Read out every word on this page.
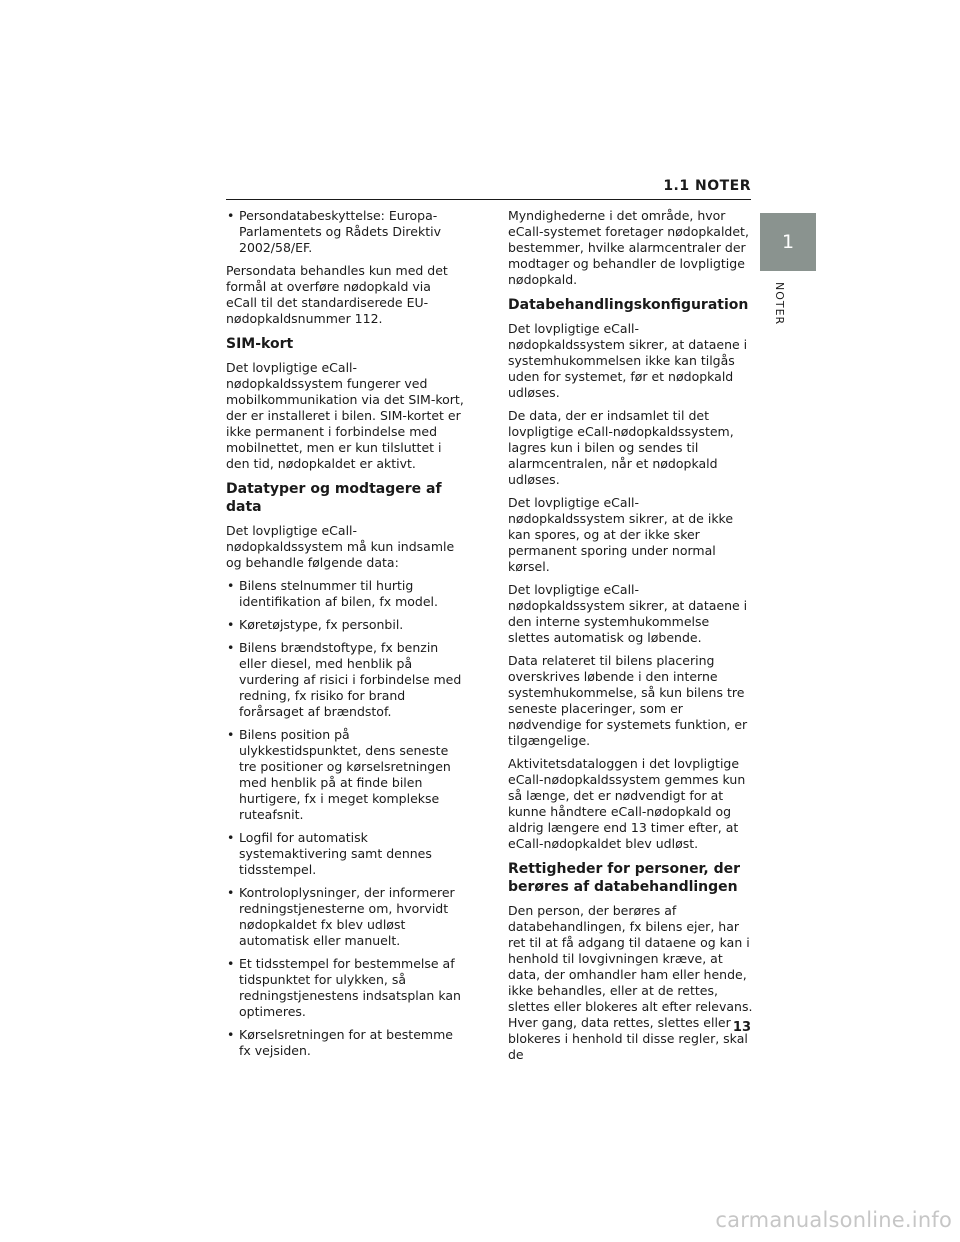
1.1 NOTER
1
NOTER
• Persondatabeskyttelse: Europa-Parlamentets og Rådets Direktiv 2002/58/EF.

Persondata behandles kun med det formål at overføre nødopkald via eCall til det standardiserede EU-nødopkaldsnummer 112.

SIM-kort

Det lovpligtige eCall-nødopkaldssystem fungerer ved mobilkommunikation via det SIM-kort, der er installeret i bilen. SIM-kortet er ikke permanent i forbindelse med mobilnettet, men er kun tilsluttet i den tid, nødopkaldet er aktivt.

Datatyper og modtagere af data

Det lovpligtige eCall-nødopkaldssystem må kun indsamle og behandle følgende data:

• Bilens stelnummer til hurtig identifikation af bilen, fx model.
• Køretøjstype, fx personbil.
• Bilens brændstoftype, fx benzin eller diesel, med henblik på vurdering af risici i forbindelse med redning, fx risiko for brand forårsaget af brændstof.
• Bilens position på ulykkestidspunktet, dens seneste tre positioner og kørselsretningen med henblik på at finde bilen hurtigere, fx i meget komplekse ruteafsnit.
• Logfil for automatisk systemaktivering samt dennes tidsstempel.
• Kontroloplysninger, der informerer redningstjenesterne om, hvorvidt nødopkaldet fx blev udløst automatisk eller manuelt.
• Et tidsstempel for bestemmelse af tidspunktet for ulykken, så redningstjenestens indsatsplan kan optimeres.
• Kørselsretningen for at bestemme fx vejsiden.

Myndighederne i det område, hvor eCall-systemet foretager nødopkaldet, bestemmer, hvilke alarmcentraler der modtager og behandler de lovpligtige nødopkald.

Databehandlingskonfiguration

Det lovpligtige eCall-nødopkaldssystem sikrer, at dataene i systemhukommelsen ikke kan tilgås uden for systemet, før et nødopkald udløses.

De data, der er indsamlet til det lovpligtige eCall-nødopkaldssystem, lagres kun i bilen og sendes til alarmcentralen, når et nødopkald udløses.

Det lovpligtige eCall-nødopkaldssystem sikrer, at de ikke kan spores, og at der ikke sker permanent sporing under normal kørsel.

Det lovpligtige eCall-nødopkaldssystem sikrer, at dataene i den interne systemhukommelse slettes automatisk og løbende.

Data relateret til bilens placering overskrives løbende i den interne systemhukommelse, så kun bilens tre seneste placeringer, som er nødvendige for systemets funktion, er tilgængelige.

Aktivitetsdataloggen i det lovpligtige eCall-nødopkaldssystem gemmes kun så længe, det er nødvendigt for at kunne håndtere eCall-nødopkald og aldrig længere end 13 timer efter, at eCall-nødopkaldet blev udløst.

Rettigheder for personer, der berøres af databehandlingen

Den person, der berøres af databehandlingen, fx bilens ejer, har ret til at få adgang til dataene og kan i henhold til lovgivningen kræve, at data, der omhandler ham eller hende, ikke behandles, eller at de rettes, slettes eller blokeres alt efter relevans. Hver gang, data rettes, slettes eller blokeres i henhold til disse regler, skal de

13
carmanualsonline.info
